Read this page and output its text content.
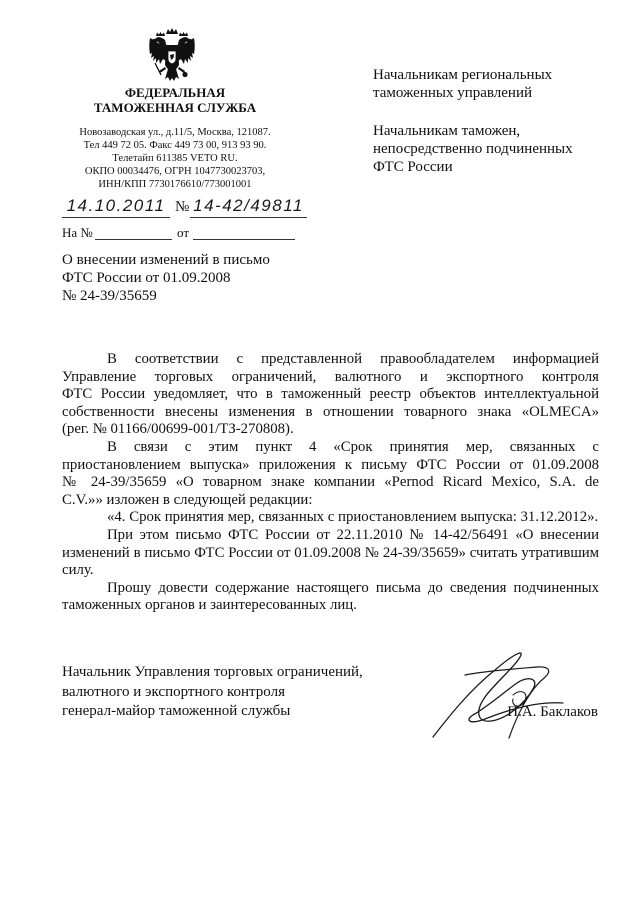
ФЕДЕРАЛЬНАЯ
ТАМОЖЕННАЯ СЛУЖБА
Новозаводская ул., д.11/5, Москва, 121087.
Тел 449 72 05. Факс 449 73 00, 913 93 90.
Телетайп 611385 VETO RU.
ОКПО 00034476, ОГРН 1047730023703,
ИНН/КПП 7730176610/773001001
14.10.2011 № 14-42/49811
На №	от
Начальникам региональных
таможенных управлений
Начальникам таможен,
непосредственно подчиненных
ФТС России
О внесении изменений в письмо
ФТС России от 01.09.2008
№ 24-39/35659
В соответствии с представленной правообладателем информацией
Управление торговых ограничений, валютного и экспортного контроля
ФТС России уведомляет, что в таможенный реестр объектов интеллектуальной
собственности внесены изменения в отношении товарного знака «OLMECA»
(рег. № 01166/00699-001/ТЗ-270808).
В связи с этим пункт 4 «Срок принятия мер, связанных с
приостановлением выпуска» приложения к письму ФТС России от 01.09.2008
№ 24-39/35659 «О товарном знаке компании «Pernod Ricard Mexico, S.A. de
C.V.»» изложен в следующей редакции:
«4. Срок принятия мер, связанных с приостановлением выпуска: 31.12.2012».
При этом письмо ФТС России от 22.11.2010 № 14-42/56491 «О внесении
изменений в письмо ФТС России от 01.09.2008 № 24-39/35659» считать утратившим
силу.
Прошу довести содержание настоящего письма до сведения подчиненных
таможенных органов и заинтересованных лиц.
Начальник Управления торговых ограничений,
валютного и экспортного контроля
генерал-майор таможенной службы	П.А. Баклаков
